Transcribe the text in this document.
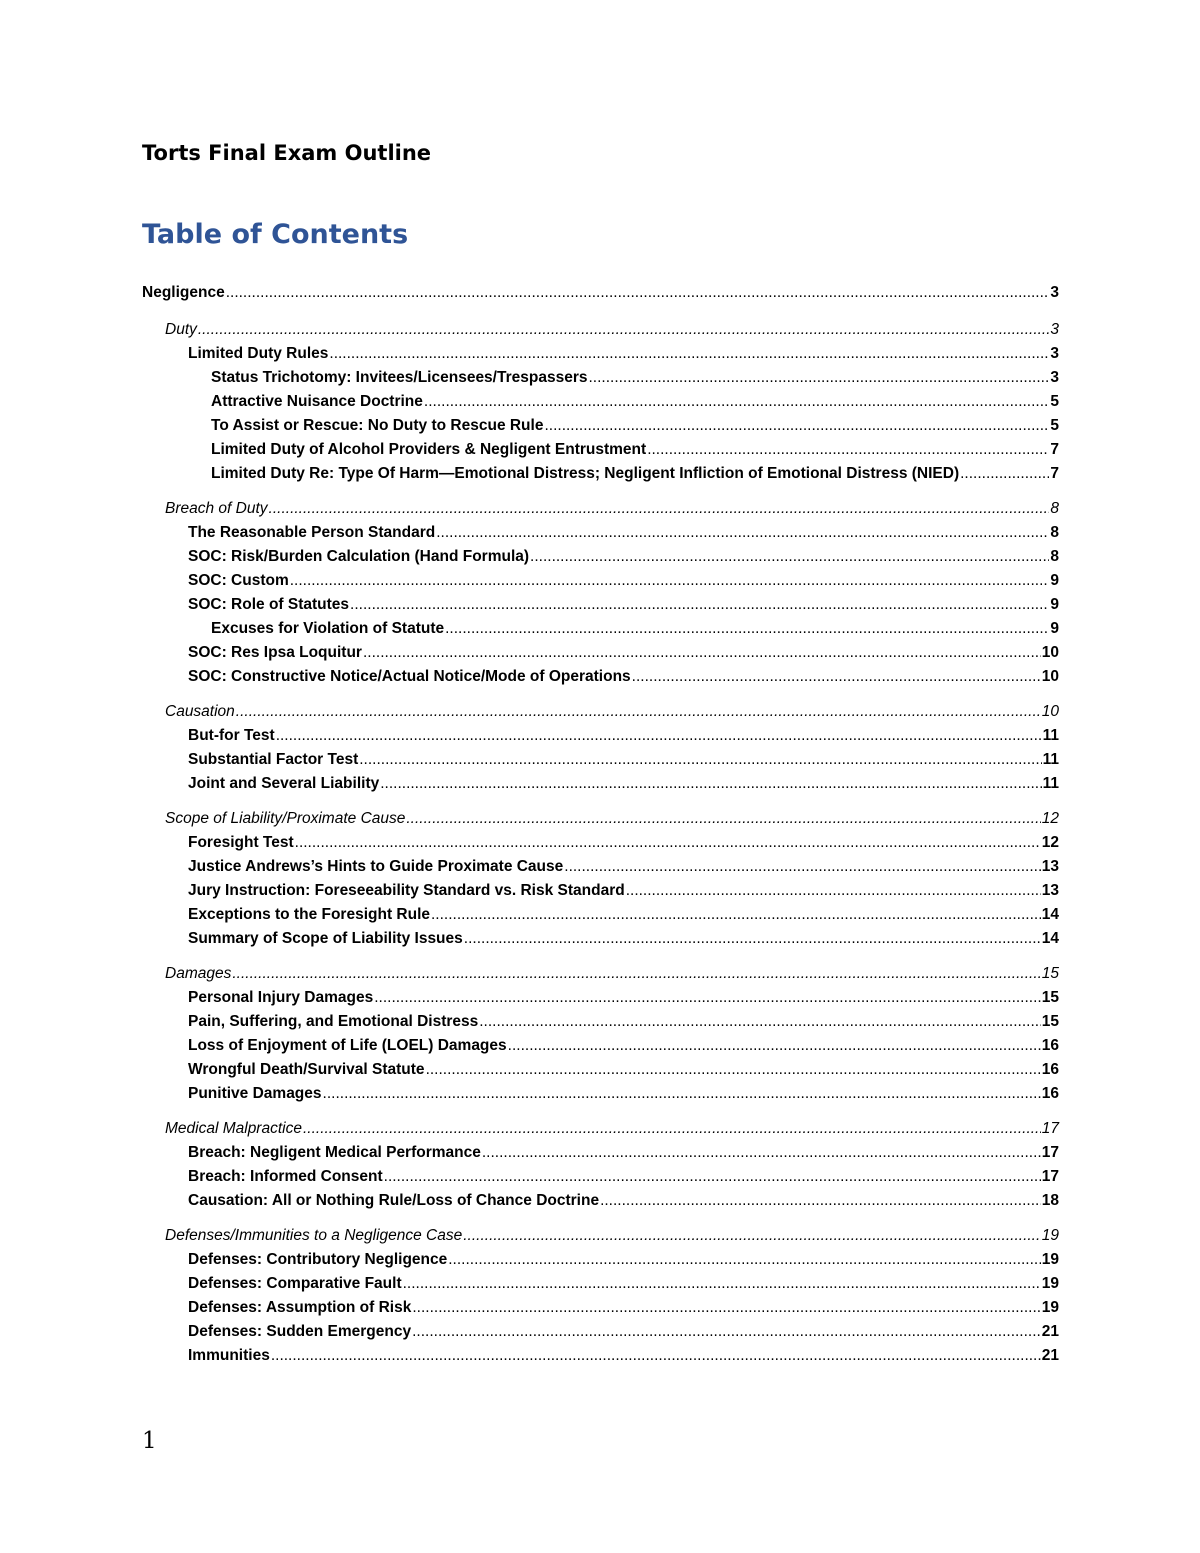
Torts Final Exam Outline
Table of Contents
Negligence .....	3
Duty .....	3
Limited Duty Rules .....	3
Status Trichotomy: Invitees/Licensees/Trespassers .....	3
Attractive Nuisance Doctrine .....	5
To Assist or Rescue: No Duty to Rescue Rule .....	5
Limited Duty of Alcohol Providers & Negligent Entrustment .....	7
Limited Duty Re: Type Of Harm—Emotional Distress; Negligent Infliction of Emotional Distress (NIED) .....	7
Breach of Duty .....	8
The Reasonable Person Standard .....	8
SOC: Risk/Burden Calculation (Hand Formula) .....	8
SOC: Custom .....	9
SOC: Role of Statutes .....	9
Excuses for Violation of Statute .....	9
SOC: Res Ipsa Loquitur .....	10
SOC: Constructive Notice/Actual Notice/Mode of Operations .....	10
Causation .....	10
But-for Test .....	11
Substantial Factor Test .....	11
Joint and Several Liability .....	11
Scope of Liability/Proximate Cause .....	12
Foresight Test .....	12
Justice Andrews’s Hints to Guide Proximate Cause .....	13
Jury Instruction: Foreseeability Standard vs. Risk Standard .....	13
Exceptions to the Foresight Rule .....	14
Summary of Scope of Liability Issues .....	14
Damages .....	15
Personal Injury Damages .....	15
Pain, Suffering, and Emotional Distress .....	15
Loss of Enjoyment of Life (LOEL) Damages .....	16
Wrongful Death/Survival Statute .....	16
Punitive Damages .....	16
Medical Malpractice .....	17
Breach: Negligent Medical Performance .....	17
Breach: Informed Consent .....	17
Causation: All or Nothing Rule/Loss of Chance Doctrine .....	18
Defenses/Immunities to a Negligence Case .....	19
Defenses: Contributory Negligence .....	19
Defenses: Comparative Fault .....	19
Defenses: Assumption of Risk .....	19
Defenses: Sudden Emergency .....	21
Immunities .....	21
1
